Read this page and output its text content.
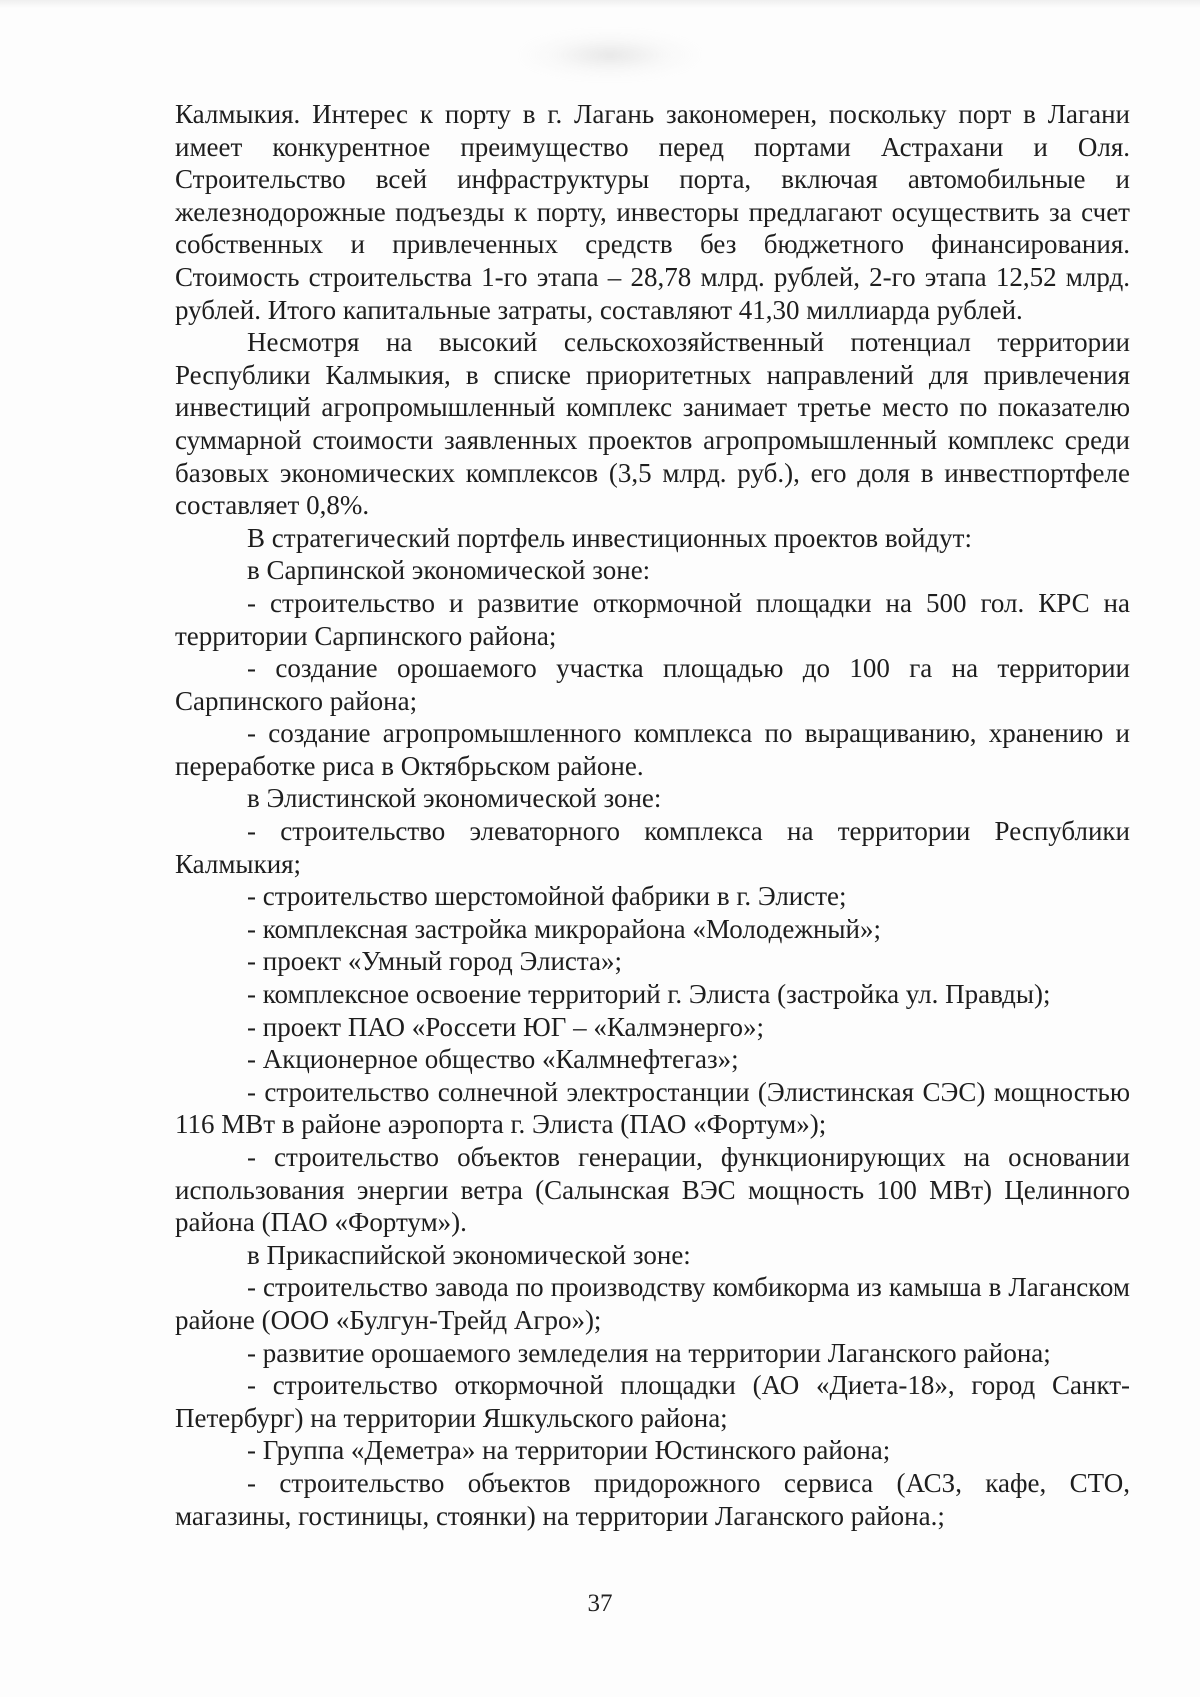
Калмыкия. Интерес к порту в г. Лагань закономерен, поскольку порт в Лагани имеет конкурентное преимущество перед портами Астрахани и Оля. Строительство всей инфраструктуры порта, включая автомобильные и железнодорожные подъезды к порту, инвесторы предлагают осуществить за счет собственных и привлеченных средств без бюджетного финансирования. Стоимость строительства 1-го этапа – 28,78 млрд. рублей, 2-го этапа 12,52 млрд. рублей. Итого капитальные затраты, составляют 41,30 миллиарда рублей.

Несмотря на высокий сельскохозяйственный потенциал территории Республики Калмыкия, в списке приоритетных направлений для привлечения инвестиций агропромышленный комплекс занимает третье место по показателю суммарной стоимости заявленных проектов агропромышленный комплекс среди базовых экономических комплексов (3,5 млрд. руб.), его доля в инвестпортфеле составляет 0,8%.

В стратегический портфель инвестиционных проектов войдут:

в Сарпинской экономической зоне:

- строительство и развитие откормочной площадки на 500 гол. КРС на территории Сарпинского района;

- создание орошаемого участка площадью до 100 га на территории Сарпинского района;

- создание агропромышленного комплекса по выращиванию, хранению и переработке риса в Октябрьском районе.

в Элистинской экономической зоне:

- строительство элеваторного комплекса на территории Республики Калмыкия;

- строительство шерстомойной фабрики в г. Элисте;

- комплексная застройка микрорайона «Молодежный»;

- проект «Умный город Элиста»;

- комплексное освоение территорий г. Элиста (застройка ул. Правды);

- проект ПАО «Россети ЮГ – «Калмэнерго»;

- Акционерное общество «Калмнефтегаз»;

- строительство солнечной электростанции (Элистинская СЭС) мощностью 116 МВт в районе аэропорта г. Элиста (ПАО «Фортум»);

- строительство объектов генерации, функционирующих на основании использования энергии ветра (Салынская ВЭС мощность 100 МВт) Целинного района (ПАО «Фортум»).

в Прикаспийской экономической зоне:

- строительство завода по производству комбикорма из камыша в Лаганском районе (ООО «Булгун-Трейд Агро»);

- развитие орошаемого земледелия на территории Лаганского района;

- строительство откормочной площадки (АО «Диета-18», город Санкт-Петербург) на территории Яшкульского района;

- Группа «Деметра» на территории Юстинского района;

- строительство объектов придорожного сервиса (АСЗ, кафе, СТО, магазины, гостиницы, стоянки) на территории Лаганского района.;

37
